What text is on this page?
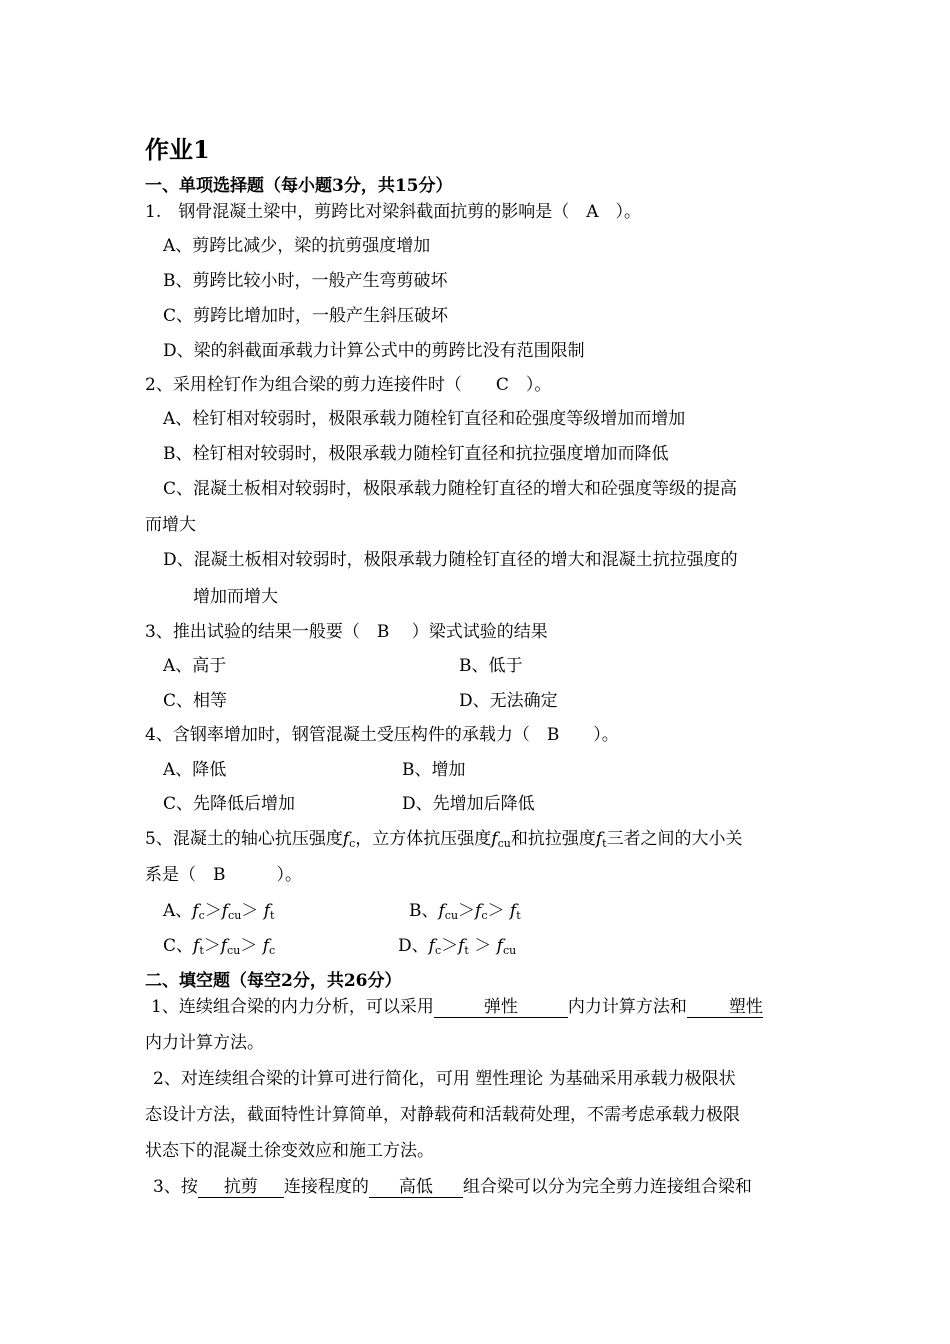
作业1
一、单项选择题（每小题3分，共15分）
1.　钢骨混凝土梁中，剪跨比对梁斜截面抗剪的影响是（　A　）。
A、剪跨比减少，梁的抗剪强度增加
B、剪跨比较小时，一般产生弯剪破坏
C、剪跨比增加时，一般产生斜压破坏
D、梁的斜截面承载力计算公式中的剪跨比没有范围限制
2、采用栓钉作为组合梁的剪力连接件时（　　C　）。
A、栓钉相对较弱时，极限承载力随栓钉直径和砼强度等级增加而增加
B、栓钉相对较弱时，极限承载力随栓钉直径和抗拉强度增加而降低
C、混凝土板相对较弱时，极限承载力随栓钉直径的增大和砼强度等级的提高
而增大
D、混凝土板相对较弱时，极限承载力随栓钉直径的增大和混凝土抗拉强度的
增加而增大
3、推出试验的结果一般要（　B　 ）梁式试验的结果
A、高于	B、低于
C、相等	D、无法确定
4、含钢率增加时，钢管混凝土受压构件的承载力（　B　　）。
A、降低	B、增加
C、先降低后增加	D、先增加后降低
5、混凝土的轴心抗压强度$f_c$，立方体抗压强度$f_{cu}$和抗拉强度$f_t$三者之间的大小关
系是（　B　　　）。
A、$f_c>f_{cu}> f_t$	B、$f_{cu}>f_c> f_t$
C、$f_t>f_{cu}> f_c$	D、$f_c>f_t > f_{cu}$
二、填空题（每空2分，共26分）
1、连续组合梁的内力分析，可以采用	弹性	内力计算方法和 塑性
内力计算方法。
2、对连续组合梁的计算可进行简化，可用 塑性理论 为基础采用承载力极限状
态设计方法，截面特性计算简单，对静载荷和活载荷处理，不需考虑承载力极限
状态下的混凝土徐变效应和施工方法。
3、按 抗剪 连接程度的 高低 组合梁可以分为完全剪力连接组合梁和
